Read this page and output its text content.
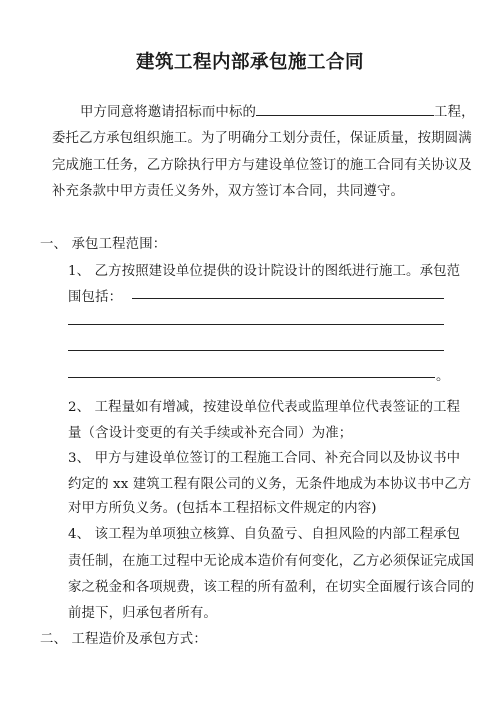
建筑工程内部承包施工合同
甲方同意将邀请招标而中标的	工程，
委托乙方承包组织施工。为了明确分工划分责任，保证质量，按期圆满
完成施工任务，乙方除执行甲方与建设单位签订的施工合同有关协议及
补充条款中甲方责任义务外，双方签订本合同，共同遵守。
一、 承包工程范围：
1、 乙方按照建设单位提供的设计院设计的图纸进行施工。承包范
围包括：
。
2、 工程量如有增减，按建设单位代表或监理单位代表签证的工程
量（含设计变更的有关手续或补充合同）为准；
3、 甲方与建设单位签订的工程施工合同、补充合同以及协议书中
约定的 xx 建筑工程有限公司的义务，无条件地成为本协议书中乙方
对甲方所负义务。(包括本工程招标文件规定的内容)
4、 该工程为单项独立核算、自负盈亏、自担风险的内部工程承包
责任制，在施工过程中无论成本造价有何变化，乙方必须保证完成国
家之税金和各项规费，该工程的所有盈利，在切实全面履行该合同的
前提下，归承包者所有。
二、 工程造价及承包方式：
